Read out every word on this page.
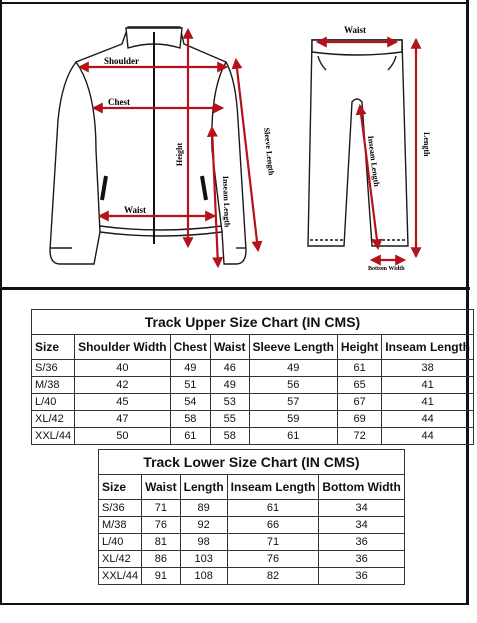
Shoulder
Chest
Waist
Height	Sleeve Length
Inseam Length
Waist
Length
Inseam Length
Bottom Width
Track Upper Size Chart (IN CMS)						
Size	Shoulder Width	Chest	Waist	Sleeve Length	Height	Inseam Length
S/36	40	49	46	49	61	38
M/38	42	51	49	56	65	41
L/40	45	54	53	57	67	41
XL/42	47	58	55	59	69	44
XXL/44	50	61	58	61	72	44
Track Lower Size Chart (IN CMS)				
Size	Waist	Length	Inseam Length	Bottom Width
S/36	71	89	61	34
M/38	76	92	66	34
L/40	81	98	71	36
XL/42	86	103	76	36
XXL/44	91	108	82	36
